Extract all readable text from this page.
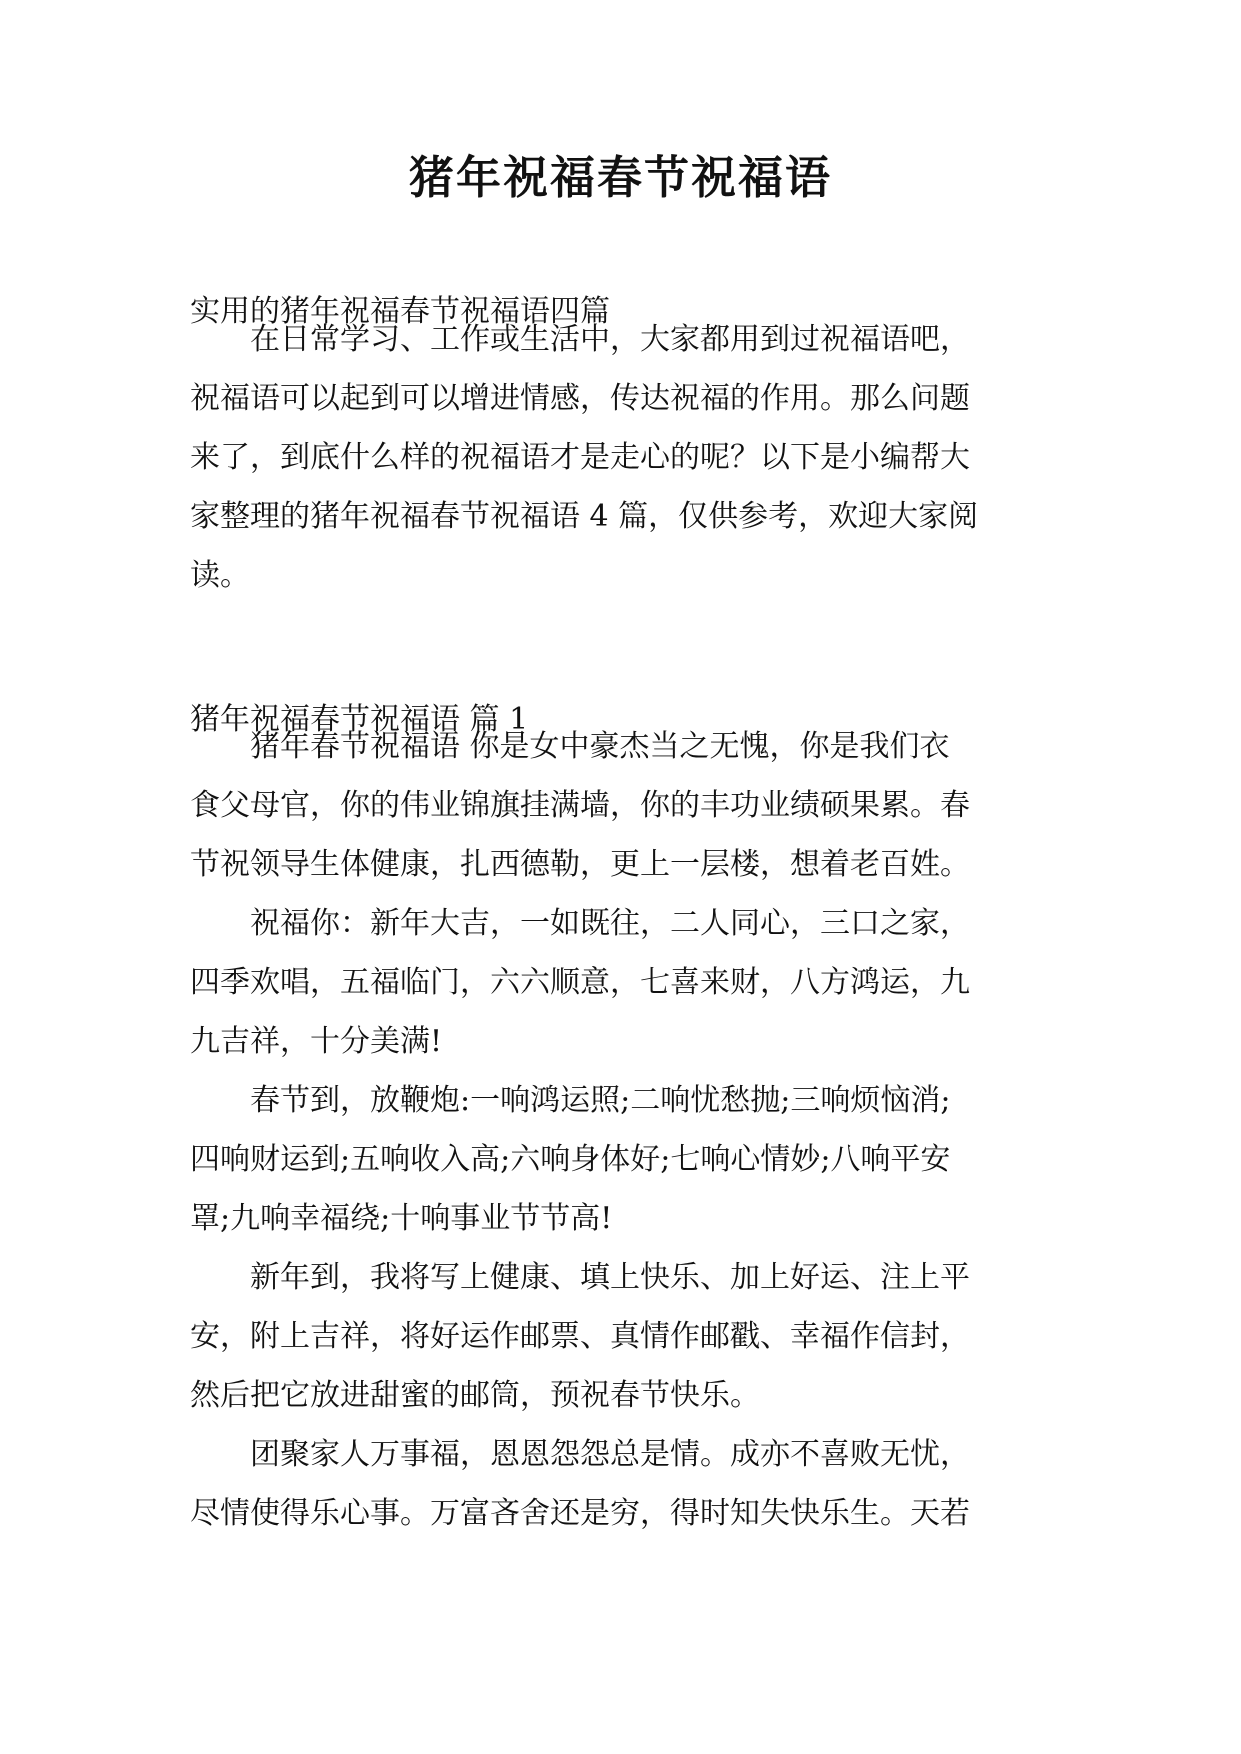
猪年祝福春节祝福语

实用的猪年祝福春节祝福语四篇

　　在日常学习、工作或生活中，大家都用到过祝福语吧，
祝福语可以起到可以增进情感，传达祝福的作用。那么问题
来了，到底什么样的祝福语才是走心的呢？以下是小编帮大
家整理的猪年祝福春节祝福语 4 篇，仅供参考，欢迎大家阅
读。

猪年祝福春节祝福语 篇 1

　　猪年春节祝福语 你是女中豪杰当之无愧，你是我们衣
食父母官，你的伟业锦旗挂满墙，你的丰功业绩硕果累。春
节祝领导生体健康，扎西德勒，更上一层楼，想着老百姓。

　　祝福你：新年大吉，一如既往，二人同心，三口之家，
四季欢唱，五福临门，六六顺意，七喜来财，八方鸿运，九
九吉祥，十分美满!

　　春节到，放鞭炮:一响鸿运照;二响忧愁抛;三响烦恼消;
四响财运到;五响收入高;六响身体好;七响心情妙;八响平安
罩;九响幸福绕;十响事业节节高!

　　新年到，我将写上健康、填上快乐、加上好运、注上平
安，附上吉祥，将好运作邮票、真情作邮戳、幸福作信封，
然后把它放进甜蜜的邮筒，预祝春节快乐。

　　团聚家人万事福，恩恩怨怨总是情。成亦不喜败无忧，
尽情使得乐心事。万富吝舍还是穷，得时知失快乐生。天若
